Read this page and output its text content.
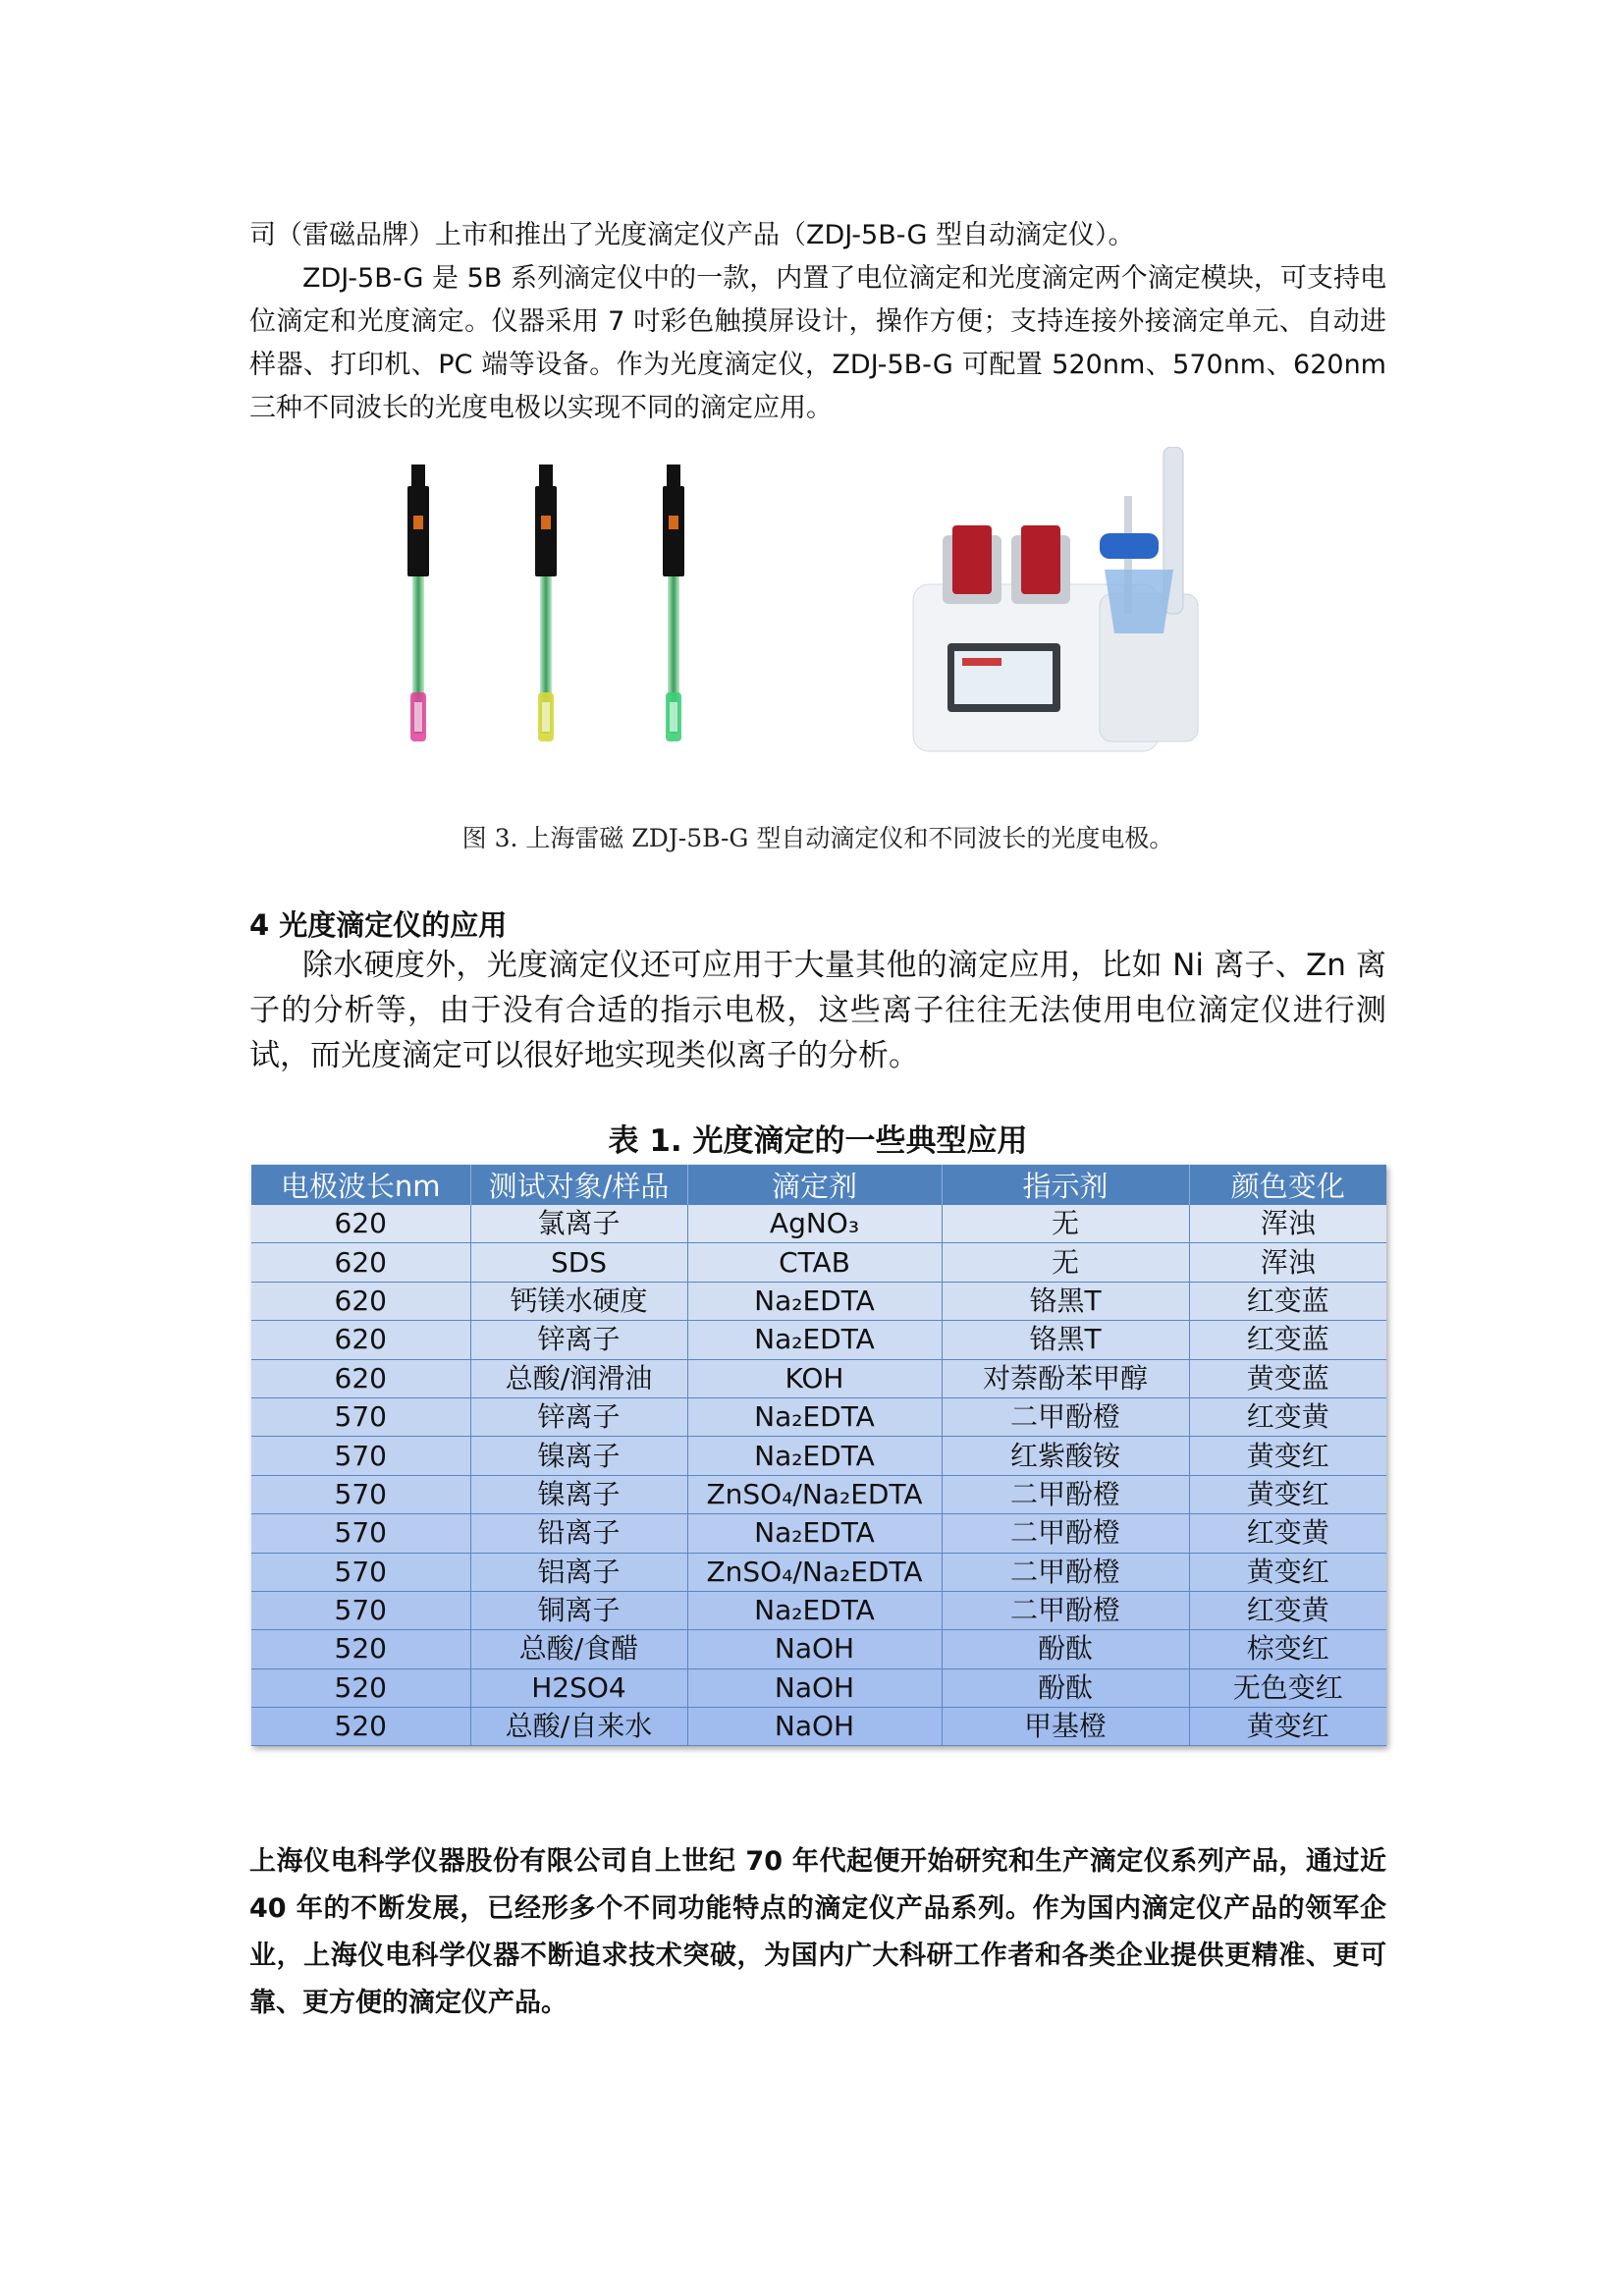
司（雷磁品牌）上市和推出了光度滴定仪产品（ZDJ-5B-G 型自动滴定仪）。

ZDJ-5B-G 是 5B 系列滴定仪中的一款，内置了电位滴定和光度滴定两个滴定模块，可支持电位滴定和光度滴定。仪器采用 7 吋彩色触摸屏设计，操作方便；支持连接外接滴定单元、自动进样器、打印机、PC 端等设备。作为光度滴定仪，ZDJ-5B-G 可配置 520nm、570nm、620nm 三种不同波长的光度电极以实现不同的滴定应用。

图 3. 上海雷磁 ZDJ-5B-G 型自动滴定仪和不同波长的光度电极。
4 光度滴定仪的应用

除水硬度外，光度滴定仪还可应用于大量其他的滴定应用，比如 Ni 离子、Zn 离子的分析等，由于没有合适的指示电极，这些离子往往无法使用电位滴定仪进行测试，而光度滴定可以很好地实现类似离子的分析。

表 1. 光度滴定的一些典型应用
电极波长nm	测试对象/样品	滴定剂	指示剂	颜色变化
620	氯离子	AgNO₃	无	浑浊
620	SDS	CTAB	无	浑浊
620	钙镁水硬度	Na₂EDTA	铬黑T	红变蓝
620	锌离子	Na₂EDTA	铬黑T	红变蓝
620	总酸/润滑油	KOH	对萘酚苯甲醇	黄变蓝
570	锌离子	Na₂EDTA	二甲酚橙	红变黄
570	镍离子	Na₂EDTA	红紫酸铵	黄变红
570	镍离子	ZnSO₄/Na₂EDTA	二甲酚橙	黄变红
570	铅离子	Na₂EDTA	二甲酚橙	红变黄
570	铝离子	ZnSO₄/Na₂EDTA	二甲酚橙	黄变红
570	铜离子	Na₂EDTA	二甲酚橙	红变黄
520	总酸/食醋	NaOH	酚酞	棕变红
520	H2SO4	NaOH	酚酞	无色变红
520	总酸/自来水	NaOH	甲基橙	黄变红

上海仪电科学仪器股份有限公司自上世纪 70 年代起便开始研究和生产滴定仪系列产品，通过近 40 年的不断发展，已经形多个不同功能特点的滴定仪产品系列。作为国内滴定仪产品的领军企业，上海仪电科学仪器不断追求技术突破，为国内广大科研工作者和各类企业提供更精准、更可靠、更方便的滴定仪产品。
